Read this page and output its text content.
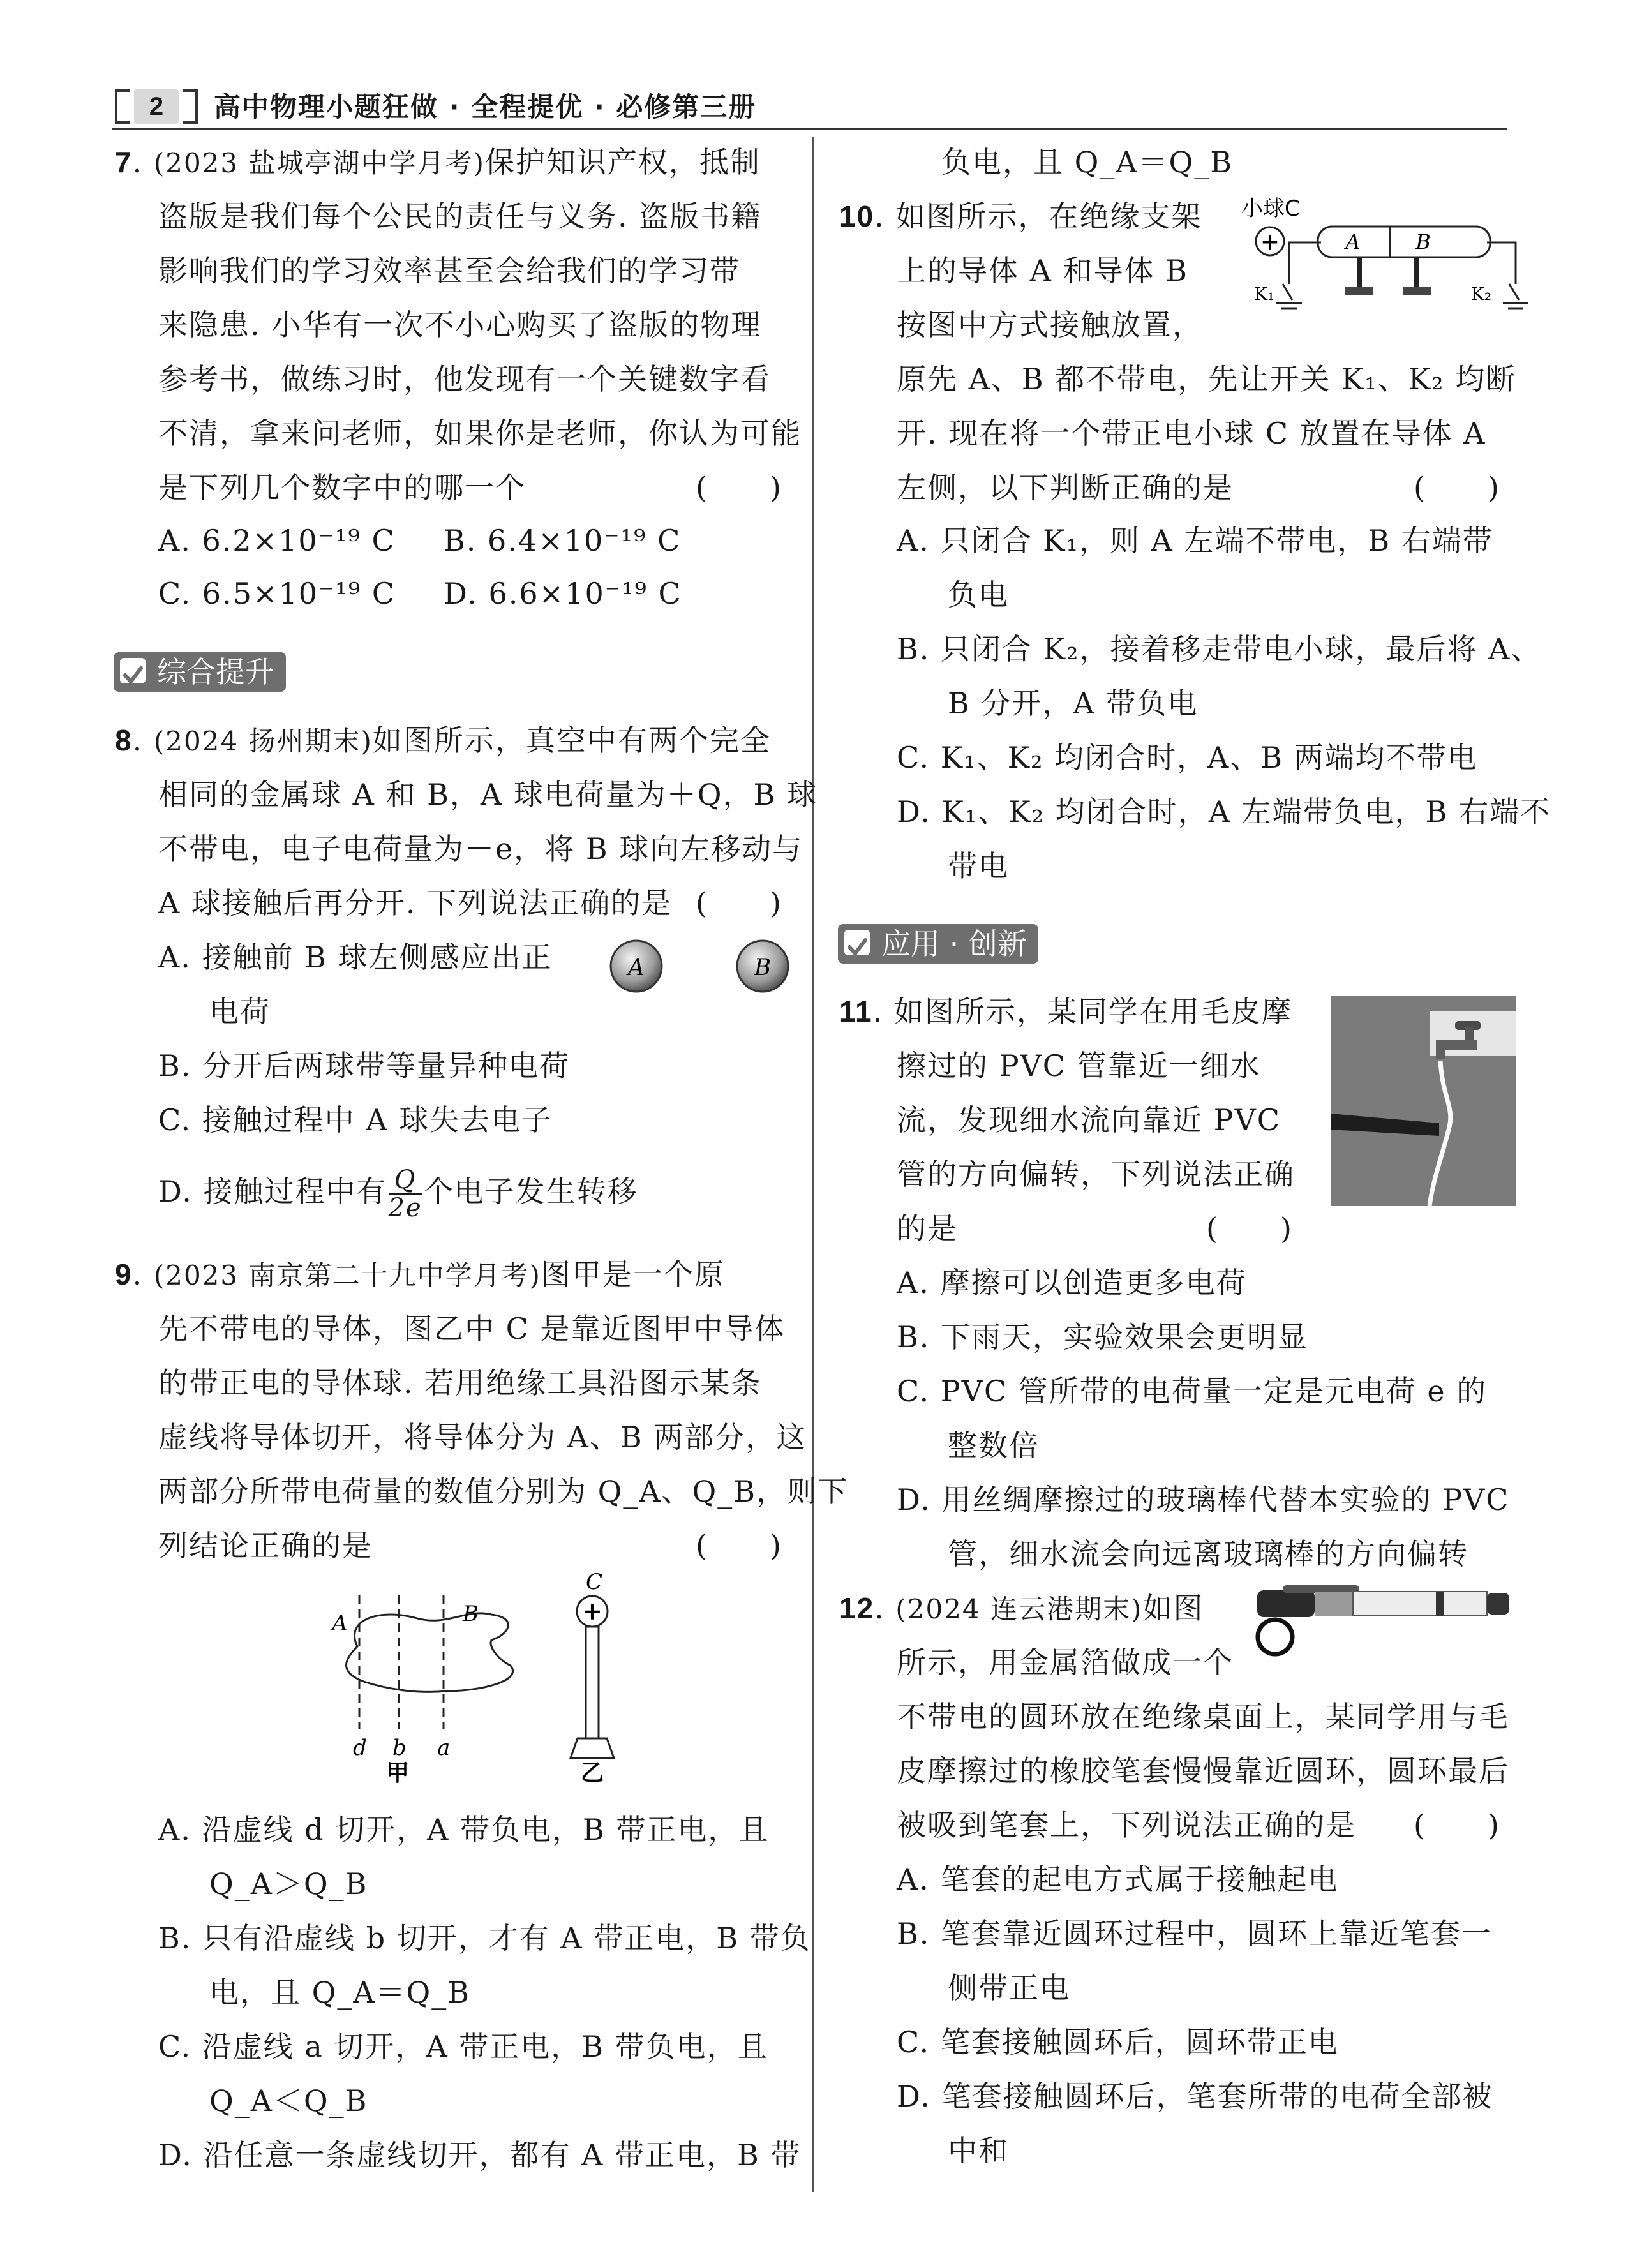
2	高中物理小题狂做 · 全程提优 · 必修第三册
7. (2023 盐城亭湖中学月考)保护知识产权，抵制
盗版是我们每个公民的责任与义务. 盗版书籍
影响我们的学习效率甚至会给我们的学习带
来隐患. 小华有一次不小心购买了盗版的物理
参考书，做练习时，他发现有一个关键数字看
不清，拿来问老师，如果你是老师，你认为可能
是下列几个数字中的哪一个	(　　)
A. 6.2×10⁻¹⁹ C B. 6.4×10⁻¹⁹ C
C. 6.5×10⁻¹⁹ C D. 6.6×10⁻¹⁹ C
综合提升
8. (2024 扬州期末)如图所示，真空中有两个完全
相同的金属球 A 和 B，A 球电荷量为＋Q，B 球
不带电，电子电荷量为－e，将 B 球向左移动与
A 球接触后再分开. 下列说法正确的是 (　　)
A. 接触前 B 球左侧感应出正
电荷
A	B
B. 分开后两球带等量异种电荷
C. 接触过程中 A 球失去电子
D. 接触过程中有 $\frac{Q}{2e}$ 个电子发生转移
9. (2023 南京第二十九中学月考)图甲是一个原
先不带电的导体，图乙中 C 是靠近图甲中导体
的带正电的导体球. 若用绝缘工具沿图示某条
虚线将导体切开，将导体分为 A、B 两部分，这
两部分所带电荷量的数值分别为 Q_A、Q_B，则下
列结论正确的是	(　　)
A	B
d b a
甲
C
+
乙
A. 沿虚线 d 切开，A 带负电，B 带正电，且
Q_A＞Q_B
B. 只有沿虚线 b 切开，才有 A 带正电，B 带负
电，且 Q_A＝Q_B
C. 沿虚线 a 切开，A 带正电，B 带负电，且
Q_A＜Q_B
D. 沿任意一条虚线切开，都有 A 带正电，B 带
负电，且 Q_A＝Q_B
10. 如图所示，在绝缘支架
上的导体 A 和导体 B
按图中方式接触放置，
原先 A、B 都不带电，先让开关 K₁、K₂ 均断
开. 现在将一个带正电小球 C 放置在导体 A
左侧，以下判断正确的是	(　　)
小球C
+	A	B
K₁	K₂
A. 只闭合 K₁，则 A 左端不带电，B 右端带
负电
B. 只闭合 K₂，接着移走带电小球，最后将 A、
B 分开，A 带负电
C. K₁、K₂ 均闭合时，A、B 两端均不带电
D. K₁、K₂ 均闭合时，A 左端带负电，B 右端不
带电
应用 · 创新
11. 如图所示，某同学在用毛皮摩
擦过的 PVC 管靠近一细水
流，发现细水流向靠近 PVC
管的方向偏转，下列说法正确
的是	(　　)
A. 摩擦可以创造更多电荷
B. 下雨天，实验效果会更明显
C. PVC 管所带的电荷量一定是元电荷 e 的
整数倍
D. 用丝绸摩擦过的玻璃棒代替本实验的 PVC
管，细水流会向远离玻璃棒的方向偏转
12. (2024 连云港期末)如图
所示，用金属箔做成一个
不带电的圆环放在绝缘桌面上，某同学用与毛
皮摩擦过的橡胶笔套慢慢靠近圆环，圆环最后
被吸到笔套上，下列说法正确的是 (　　)
A. 笔套的起电方式属于接触起电
B. 笔套靠近圆环过程中，圆环上靠近笔套一
侧带正电
C. 笔套接触圆环后，圆环带正电
D. 笔套接触圆环后，笔套所带的电荷全部被
中和
